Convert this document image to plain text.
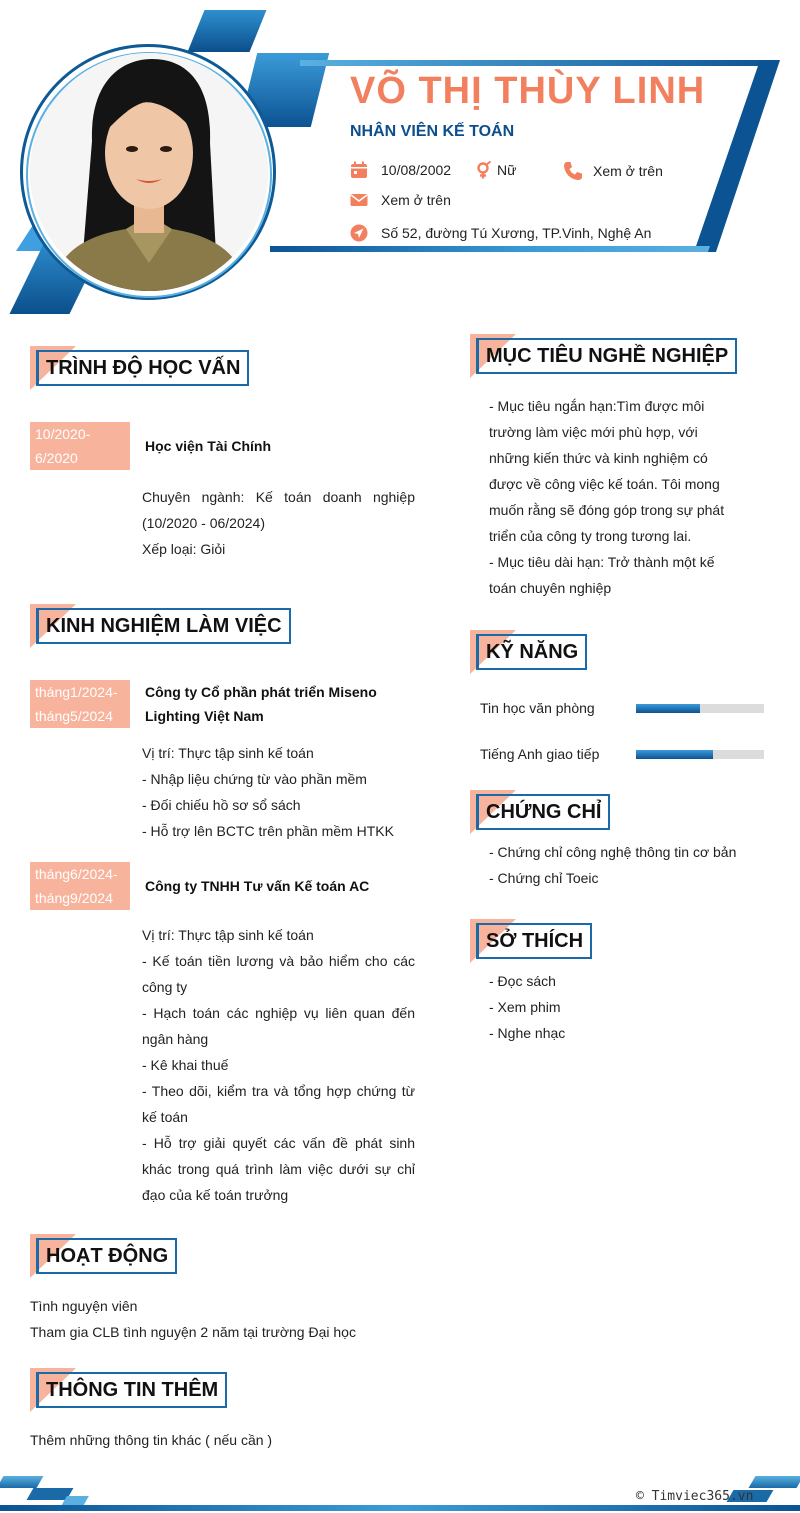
VÕ THỊ THÙY LINH
NHÂN VIÊN KẾ TOÁN
10/08/2002	Nữ	Xem ở trên
Xem ở trên
Số 52, đường Tú Xương, TP.Vinh, Nghệ An
TRÌNH ĐỘ HỌC VẤN
10/2020-6/2020
Học viện Tài Chính

Chuyên ngành: Kế toán doanh nghiệp (10/2020 - 06/2024)

Xếp loại: Giỏi

KINH NGHIỆM LÀM VIỆC
tháng1/2024-tháng5/2024
Công ty Cổ phần phát triển Miseno Lighting Việt Nam

Vị trí: Thực tập sinh kế toán

- Nhập liệu chứng từ vào phần mềm

- Đối chiếu hồ sơ sổ sách

- Hỗ trợ lên BCTC trên phần mềm HTKK

tháng6/2024-tháng9/2024
Công ty TNHH Tư vấn Kế toán AC

Vị trí: Thực tập sinh kế toán

- Kế toán tiền lương và bảo hiểm cho các công ty

- Hạch toán các nghiệp vụ liên quan đến ngân hàng

- Kê khai thuế

- Theo dõi, kiểm tra và tổng hợp chứng từ kế toán

- Hỗ trợ giải quyết các vấn đề phát sinh khác trong quá trình làm việc dưới sự chỉ đạo của kế toán trưởng

HOẠT ĐỘNG

Tình nguyện viên

Tham gia CLB tình nguyện 2 năm tại trường Đại học

THÔNG TIN THÊM

Thêm những thông tin khác ( nếu cần )

MỤC TIÊU NGHỀ NGHIỆP

- Mục tiêu ngắn hạn:Tìm được môi trường làm việc mới phù hợp, với những kiến thức và kinh nghiệm có được về công việc kế toán. Tôi mong muốn rằng sẽ đóng góp trong sự phát triển của công ty trong tương lai.

- Mục tiêu dài hạn: Trở thành một kế toán chuyên nghiệp

KỸ NĂNG
Tin học văn phòng
Tiếng Anh giao tiếp
CHỨNG CHỈ

- Chứng chỉ công nghệ thông tin cơ bản

- Chứng chỉ Toeic

SỞ THÍCH

- Đọc sách

- Xem phim

- Nghe nhạc

© Timviec365.vn
